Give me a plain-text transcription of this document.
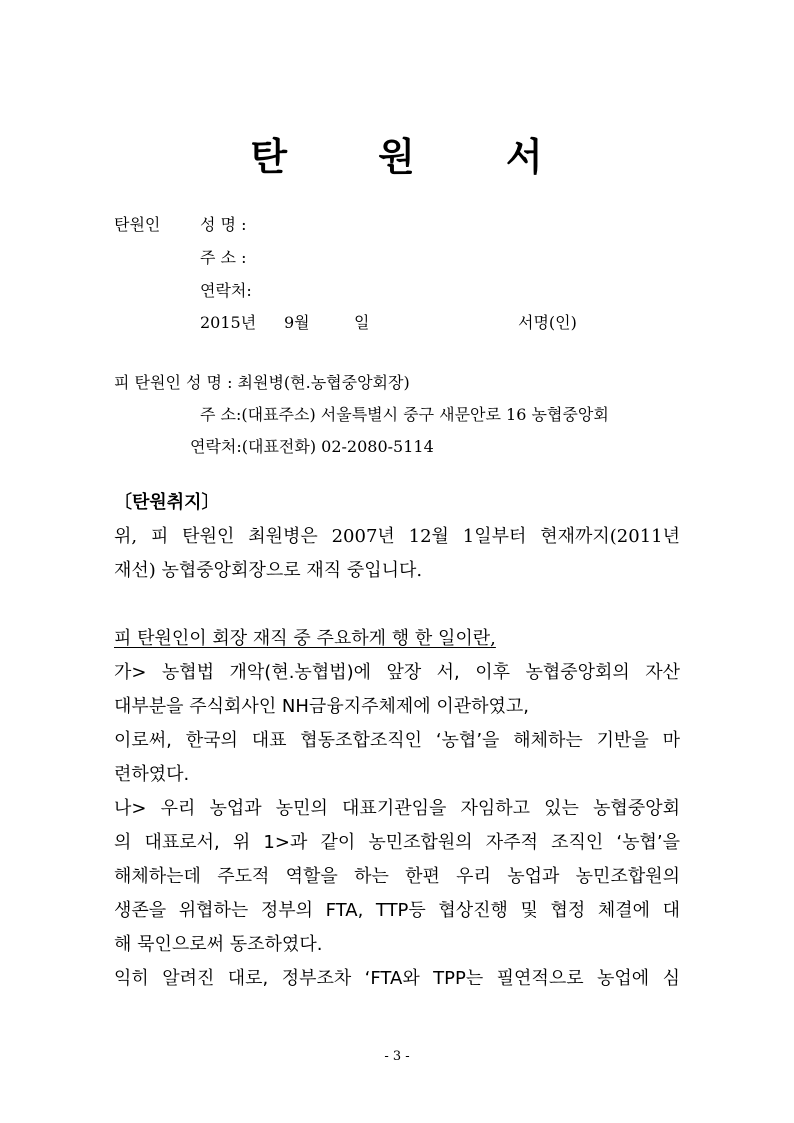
탄 원 서
탄원인 성 명 :
주 소 :
연락처:
2015년 9월	일	서명(인)
피 탄원인 성 명 : 최원병(현.농협중앙회장)
주 소:(대표주소) 서울특별시 중구 새문안로 16 농협중앙회
연락처:(대표전화) 02-2080-5114
〔탄원취지〕
위, 피 탄원인 최원병은 2007년 12월 1일부터 현재까지(2011년
재선) 농협중앙회장으로 재직 중입니다.
피 탄원인이 회장 재직 중 주요하게 행 한 일이란,
가> 농협법 개악(현.농협법)에 앞장 서, 이후 농협중앙회의 자산
대부분을 주식회사인 NH금융지주체제에 이관하였고,
이로써, 한국의 대표 협동조합조직인 ‘농협’을 해체하는 기반을 마
련하였다.
나> 우리 농업과 농민의 대표기관임을 자임하고 있는 농협중앙회
의 대표로서, 위 1>과 같이 농민조합원의 자주적 조직인 ‘농협’을
해체하는데 주도적 역할을 하는 한편 우리 농업과 농민조합원의
생존을 위협하는 정부의 FTA, TTP등 협상진행 및 협정 체결에 대
해 묵인으로써 동조하였다.
익히 알려진 대로, 정부조차 ‘FTA와 TPP는 필연적으로 농업에 심
- 3 -
